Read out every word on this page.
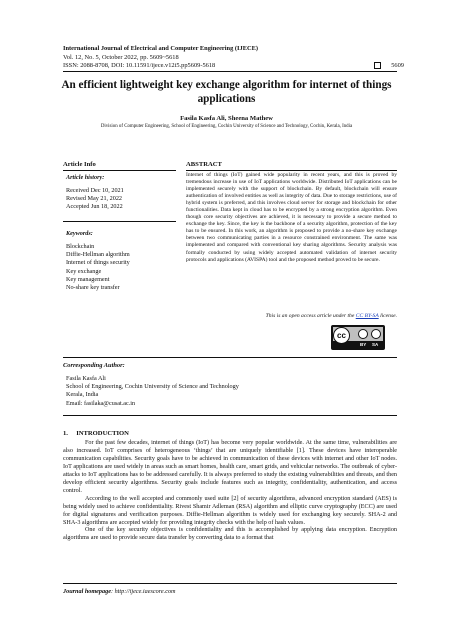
International Journal of Electrical and Computer Engineering (IJECE)
Vol. 12, No. 5, October 2022, pp. 5609~5618
ISSN: 2088-8708, DOI: 10.11591/ijece.v12i5.pp5609-5618	5609
An efficient lightweight key exchange algorithm for internet of things applications
Fasila Kasfa Ali, Sheena Mathew
Division of Computer Engineering, School of Engineering, Cochin University of Science and Technology, Cochin, Kerala, India
Article Info	ABSTRACT
Article history:
Received Dec 10, 2021
Revised May 21, 2022
Accepted Jun 18, 2022
Keywords:
Blockchain
Diffie-Hellman algorithm
Internet of things security
Key exchange
Key management
No-share key transfer
Internet of things (IoT) gained wide popularity in recent years, and this is proved by tremendous increase in use of IoT applications worldwide. Distributed IoT applications can be implemented securely with the support of blockchain. By default, blockchain will ensure authentication of involved entities as well as integrity of data. Due to storage restrictions, use of hybrid system is preferred, and this involves cloud server for storage and blockchain for other functionalities. Data kept in cloud has to be encrypted by a strong encryption algorithm. Even though core security objectives are achieved, it is necessary to provide a secure method to exchange the key. Since, the key is the backbone of a security algorithm, protection of the key has to be ensured. In this work, an algorithm is proposed to provide a no-share key exchange between two communicating parties in a resource constrained environment. The same was implemented and compared with conventional key sharing algorithms. Security analysis was formally conducted by using widely accepted automated validation of internet security protocols and applications (AVISPA) tool and the proposed method proved to be secure.
This is an open access article under the CC BY-SA license.
cc
BY SA
Corresponding Author:
Fasila Kasfa Ali
School of Engineering, Cochin University of Science and Technology
Kerala, India
Email: fasilaka@cusat.ac.in
1.     INTRODUCTION

For the past few decades, internet of things (IoT) has become very popular worldwide. At the same time, vulnerabilities are also increased. IoT comprises of heterogeneous ‘things’ that are uniquely identifiable [1]. These devices have interoperable communication capabilities. Security goals have to be achieved in communication of these devices with internet and other IoT nodes. IoT applications are used widely in areas such as smart homes, health care, smart grids, and vehicular networks. The outbreak of cyber-attacks to IoT applications has to be addressed carefully. It is always preferred to study the existing vulnerabilities and threats, and then develop efficient security algorithms. Security goals include features such as integrity, confidentiality, authentication, and access control.

According to the well accepted and commonly used suite [2] of security algorithms, advanced encryption standard (AES) is being widely used to achieve confidentiality. Rivest Shamir Adleman (RSA) algorithm and elliptic curve cryptography (ECC) are used for digital signatures and verification purposes. Diffie-Hellman algorithm is widely used for exchanging key securely. SHA-2 and SHA-3 algorithms are accepted widely for providing integrity checks with the help of hash values.

One of the key security objectives is confidentiality and this is accomplished by applying data encryption. Encryption algorithms are used to provide secure data transfer by converting data to a format that

Journal homepage: http://ijece.iaescore.com
